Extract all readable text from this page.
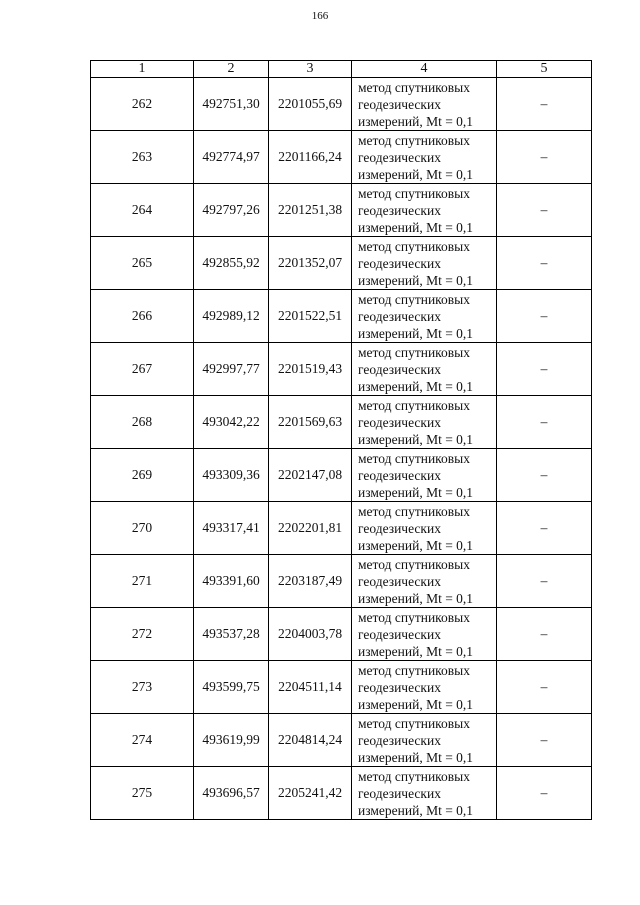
166
1	2	3	4	5
262	492751,30	2201055,69	метод спутниковых
геодезических
измерений, Mt = 0,1	–
263	492774,97	2201166,24	метод спутниковых
геодезических
измерений, Mt = 0,1	–
264	492797,26	2201251,38	метод спутниковых
геодезических
измерений, Mt = 0,1	–
265	492855,92	2201352,07	метод спутниковых
геодезических
измерений, Mt = 0,1	–
266	492989,12	2201522,51	метод спутниковых
геодезических
измерений, Mt = 0,1	–
267	492997,77	2201519,43	метод спутниковых
геодезических
измерений, Mt = 0,1	–
268	493042,22	2201569,63	метод спутниковых
геодезических
измерений, Mt = 0,1	–
269	493309,36	2202147,08	метод спутниковых
геодезических
измерений, Mt = 0,1	–
270	493317,41	2202201,81	метод спутниковых
геодезических
измерений, Mt = 0,1	–
271	493391,60	2203187,49	метод спутниковых
геодезических
измерений, Mt = 0,1	–
272	493537,28	2204003,78	метод спутниковых
геодезических
измерений, Mt = 0,1	–
273	493599,75	2204511,14	метод спутниковых
геодезических
измерений, Mt = 0,1	–
274	493619,99	2204814,24	метод спутниковых
геодезических
измерений, Mt = 0,1	–
275	493696,57	2205241,42	метод спутниковых
геодезических
измерений, Mt = 0,1	–
